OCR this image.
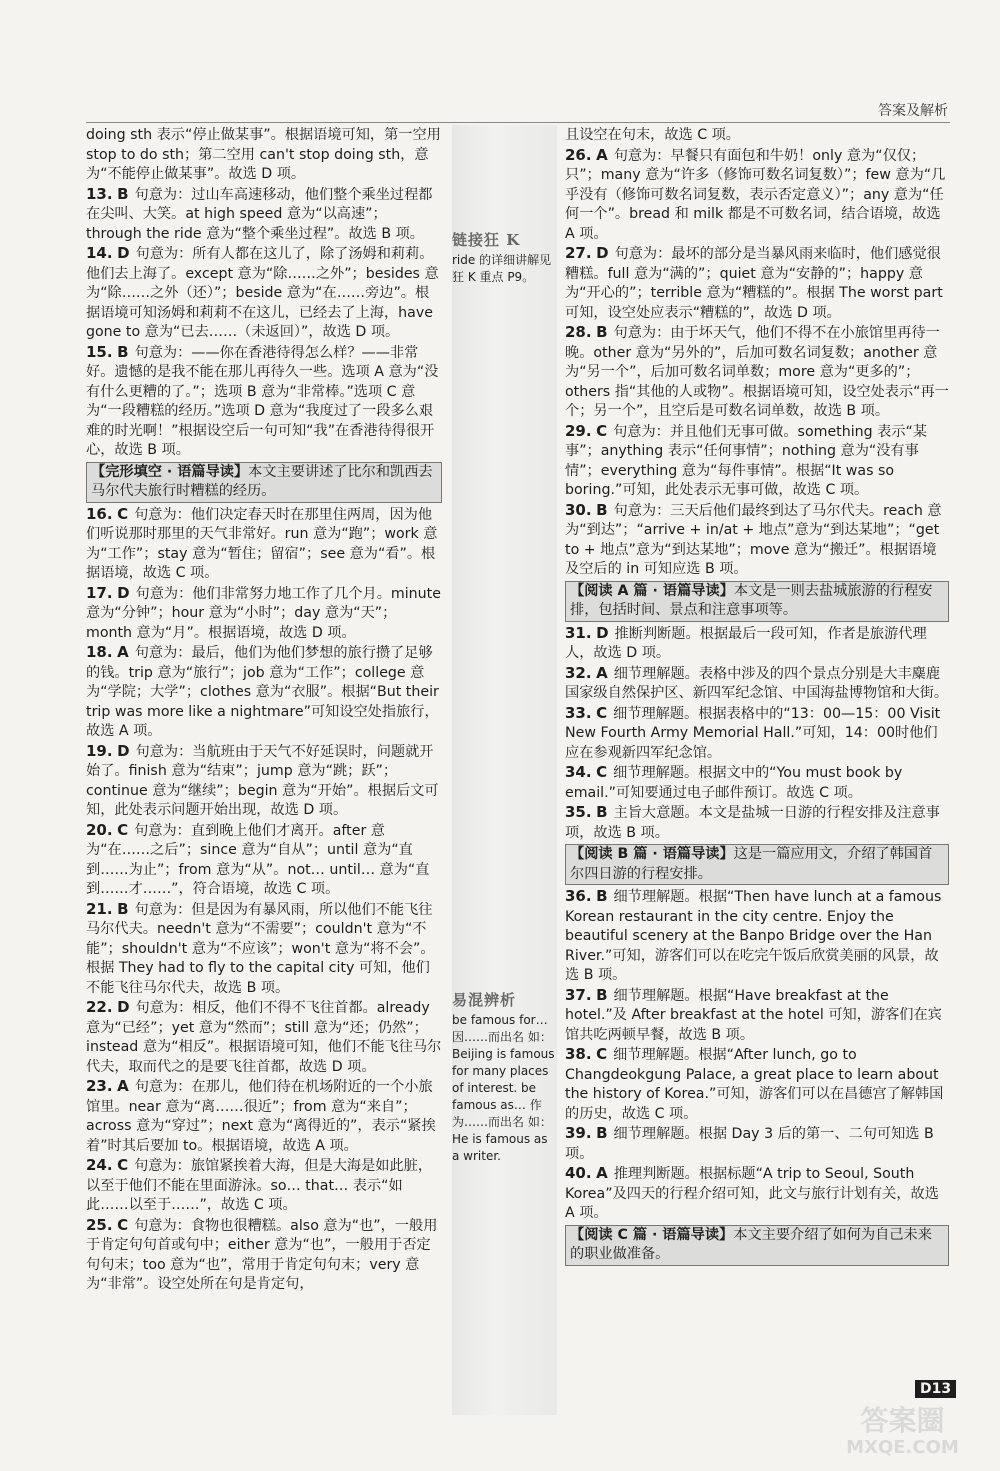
答案及解析
doing sth 表示“停止做某事”。根据语境可知，第一空用 stop to do sth；第二空用 can't stop doing sth，意为“不能停止做某事”。故选 D 项。
13. B 句意为：过山车高速移动，他们整个乘坐过程都在尖叫、大笑。at high speed 意为“以高速”；through the ride 意为“整个乘坐过程”。故选 B 项。
14. D 句意为：所有人都在这儿了，除了汤姆和莉莉。他们去上海了。except 意为“除……之外”；besides 意为“除……之外（还）”；beside 意为“在……旁边”。根据语境可知汤姆和莉莉不在这儿，已经去了上海，have gone to 意为“已去……（未返回）”，故选 D 项。
15. B 句意为：——你在香港待得怎么样？——非常好。遗憾的是我不能在那儿再待久一些。选项 A 意为“没有什么更糟的了。”；选项 B 意为“非常棒。”选项 C 意为“一段糟糕的经历。”选项 D 意为“我度过了一段多么艰难的时光啊！”根据设空后一句可知“我”在香港待得很开心，故选 B 项。
【完形填空 · 语篇导读】本文主要讲述了比尔和凯西去马尔代夫旅行时糟糕的经历。
16. C 句意为：他们决定春天时在那里住两周，因为他们听说那时那里的天气非常好。run 意为“跑”；work 意为“工作”；stay 意为“暂住；留宿”；see 意为“看”。根据语境，故选 C 项。
17. D 句意为：他们非常努力地工作了几个月。minute 意为“分钟”；hour 意为“小时”；day 意为“天”；month 意为“月”。根据语境，故选 D 项。
18. A 句意为：最后，他们为他们梦想的旅行攒了足够的钱。trip 意为“旅行”；job 意为“工作”；college 意为“学院；大学”；clothes 意为“衣服”。根据“But their trip was more like a nightmare”可知设空处指旅行，故选 A 项。
19. D 句意为：当航班由于天气不好延误时，问题就开始了。finish 意为“结束”；jump 意为“跳；跃”；continue 意为“继续”；begin 意为“开始”。根据后文可知，此处表示问题开始出现，故选 D 项。
20. C 句意为：直到晚上他们才离开。after 意为“在……之后”；since 意为“自从”；until 意为“直到……为止”；from 意为“从”。not… until… 意为“直到……才……”，符合语境，故选 C 项。
21. B 句意为：但是因为有暴风雨，所以他们不能飞往马尔代夫。needn't 意为“不需要”；couldn't 意为“不能”；shouldn't 意为“不应该”；won't 意为“将不会”。根据 They had to fly to the capital city 可知，他们不能飞往马尔代夫，故选 B 项。
22. D 句意为：相反，他们不得不飞往首都。already 意为“已经”；yet 意为“然而”；still 意为“还；仍然”；instead 意为“相反”。根据语境可知，他们不能飞往马尔代夫，取而代之的是要飞往首都，故选 D 项。
23. A 句意为：在那儿，他们待在机场附近的一个小旅馆里。near 意为“离……很近”；from 意为“来自”；across 意为“穿过”；next 意为“离得近的”，表示“紧挨着”时其后要加 to。根据语境，故选 A 项。
24. C 句意为：旅馆紧挨着大海，但是大海是如此脏，以至于他们不能在里面游泳。so… that… 表示“如此……以至于……”，故选 C 项。
25. C 句意为：食物也很糟糕。also 意为“也”，一般用于肯定句句首或句中；either 意为“也”，一般用于否定句句末；too 意为“也”，常用于肯定句句末；very 意为“非常”。设空处所在句是肯定句，
且设空在句末，故选 C 项。
26. A 句意为：早餐只有面包和牛奶！only 意为“仅仅；只”；many 意为“许多（修饰可数名词复数）”；few 意为“几乎没有（修饰可数名词复数，表示否定意义）”；any 意为“任何一个”。bread 和 milk 都是不可数名词，结合语境，故选 A 项。
27. D 句意为：最坏的部分是当暴风雨来临时，他们感觉很糟糕。full 意为“满的”；quiet 意为“安静的”；happy 意为“开心的”；terrible 意为“糟糕的”。根据 The worst part 可知，设空处应表示“糟糕的”，故选 D 项。
28. B 句意为：由于坏天气，他们不得不在小旅馆里再待一晚。other 意为“另外的”，后加可数名词复数；another 意为“另一个”，后加可数名词单数；more 意为“更多的”；others 指“其他的人或物”。根据语境可知，设空处表示“再一个；另一个”，且空后是可数名词单数，故选 B 项。
29. C 句意为：并且他们无事可做。something 表示“某事”；anything 表示“任何事情”；nothing 意为“没有事情”；everything 意为“每件事情”。根据“It was so boring.”可知，此处表示无事可做，故选 C 项。
30. B 句意为：三天后他们最终到达了马尔代夫。reach 意为“到达”；“arrive + in/at + 地点”意为“到达某地”；“get to + 地点”意为“到达某地”；move 意为“搬迁”。根据语境及空后的 in 可知应选 B 项。
【阅读 A 篇 · 语篇导读】本文是一则去盐城旅游的行程安排，包括时间、景点和注意事项等。
31. D 推断判断题。根据最后一段可知，作者是旅游代理人，故选 D 项。
32. A 细节理解题。表格中涉及的四个景点分别是大丰麋鹿国家级自然保护区、新四军纪念馆、中国海盐博物馆和大街。
33. C 细节理解题。根据表格中的“13：00—15：00 Visit New Fourth Army Memorial Hall.”可知，14：00时他们应在参观新四军纪念馆。
34. C 细节理解题。根据文中的“You must book by email.”可知要通过电子邮件预订。故选 C 项。
35. B 主旨大意题。本文是盐城一日游的行程安排及注意事项，故选 B 项。
【阅读 B 篇 · 语篇导读】这是一篇应用文，介绍了韩国首尔四日游的行程安排。
36. B 细节理解题。根据“Then have lunch at a famous Korean restaurant in the city centre. Enjoy the beautiful scenery at the Banpo Bridge over the Han River.”可知，游客们可以在吃完午饭后欣赏美丽的风景，故选 B 项。
37. B 细节理解题。根据“Have breakfast at the hotel.”及 After breakfast at the hotel 可知，游客们在宾馆共吃两顿早餐，故选 B 项。
38. C 细节理解题。根据“After lunch, go to Changdeokgung Palace, a great place to learn about the history of Korea.”可知，游客们可以在昌德宫了解韩国的历史，故选 C 项。
39. B 细节理解题。根据 Day 3 后的第一、二句可知选 B 项。
40. A 推理判断题。根据标题“A trip to Seoul, South Korea”及四天的行程介绍可知，此文与旅行计划有关，故选 A 项。
【阅读 C 篇 · 语篇导读】本文主要介绍了如何为自己未来的职业做准备。
链接狂 K
ride 的详细讲解见狂 K 重点 P9。
易混辨析
be famous for… 因……而出名 如：Beijing is famous for many places of interest. be famous as… 作为……而出名 如：He is famous as a writer.
D13
答案圈
MXQE.COM
